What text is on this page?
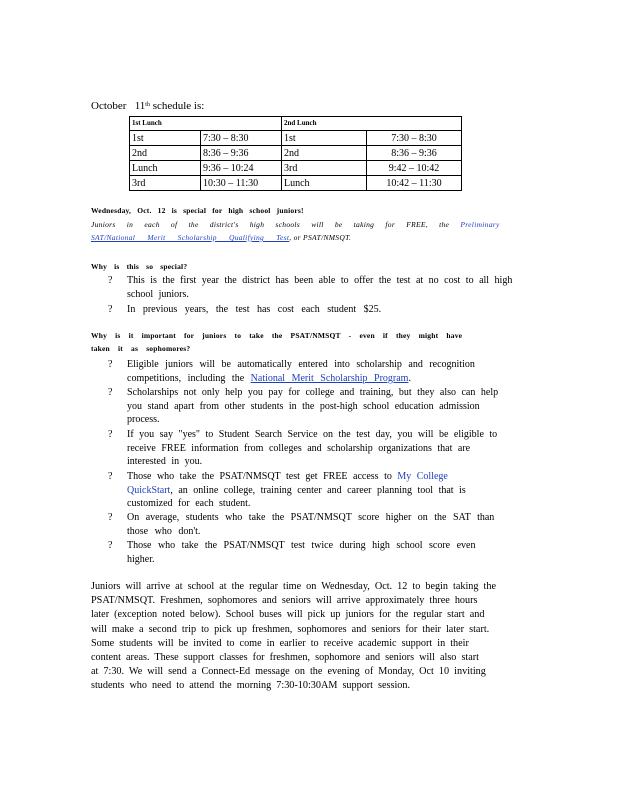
October 11th schedule is:
1st Lunch		2nd Lunch	
1st	7:30 – 8:30	1st	7:30 – 8:30
2nd	8:36 – 9:36	2nd	8:36 – 9:36
Lunch	9:36 – 10:24	3rd	9:42 – 10:42
3rd	10:30 – 11:30	Lunch	10:42 – 11:30
Wednesday, Oct. 12 is special for high school juniors!
Juniors in each of the district's high schools will be taking for FREE, the Preliminary
SAT/National Merit Scholarship Qualifying Test, or PSAT/NMSQT.
Why is this so special?
? This is the first year the district has been able to offer the test at no cost to all high
school juniors.
? In previous years, the test has cost each student $25.
Why is it important for juniors to take the PSAT/NMSQT - even if they might have
taken it as sophomores?
? Eligible juniors will be automatically entered into scholarship and recognition
competitions, including the National Merit Scholarship Program.
? Scholarships not only help you pay for college and training, but they also can help
you stand apart from other students in the post-high school education admission
process.
? If you say "yes" to Student Search Service on the test day, you will be eligible to
receive FREE information from colleges and scholarship organizations that are
interested in you.
? Those who take the PSAT/NMSQT test get FREE access to My College
QuickStart, an online college, training center and career planning tool that is
customized for each student.
? On average, students who take the PSAT/NMSQT score higher on the SAT than
those who don't.
? Those who take the PSAT/NMSQT test twice during high school score even
higher.
Juniors will arrive at school at the regular time on Wednesday, Oct. 12 to begin taking the
PSAT/NMSQT. Freshmen, sophomores and seniors will arrive approximately three hours
later (exception noted below). School buses will pick up juniors for the regular start and
will make a second trip to pick up freshmen, sophomores and seniors for their later start.
Some students will be invited to come in earlier to receive academic support in their
content areas. These support classes for freshmen, sophomore and seniors will also start
at 7:30. We will send a Connect-Ed message on the evening of Monday, Oct 10 inviting
students who need to attend the morning 7:30-10:30AM support session.
